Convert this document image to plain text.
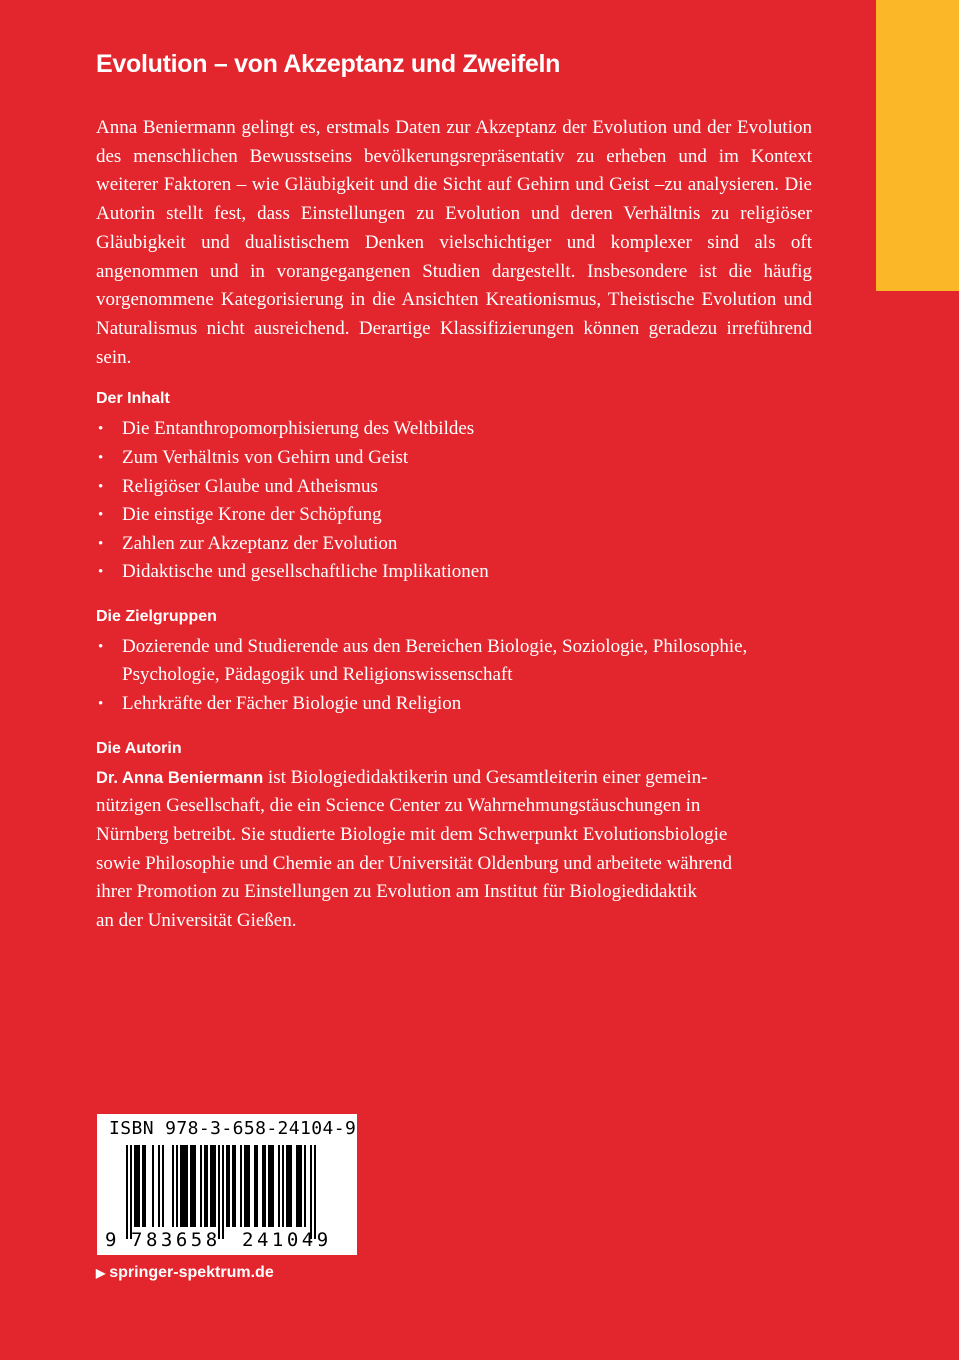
Evolution – von Akzeptanz und Zweifeln

Anna Beniermann gelingt es, erstmals Daten zur Akzeptanz der Evolution und der Evolution des menschlichen Bewusstseins bevölkerungsrepräsentativ zu erheben und im Kontext weiterer Faktoren – wie Gläubigkeit und die Sicht auf Gehirn und Geist –zu analysieren. Die Autorin stellt fest, dass Einstellungen zu Evolution und deren Verhältnis zu religiöser Gläubigkeit und dualistischem Denken vielschichtiger und komplexer sind als oft angenommen und in vorangegangenen Studien dargestellt. Insbesondere ist die häufig vorgenommene Kategorisierung in die Ansichten Kreationismus, Theistische Evolution und Naturalismus nicht ausreichend. Derartige Klassifizierungen können geradezu irreführend sein.

Der Inhalt
• Die Entanthropomorphisierung des Weltbildes
• Zum Verhältnis von Gehirn und Geist
• Religiöser Glaube und Atheismus
• Die einstige Krone der Schöpfung
• Zahlen zur Akzeptanz der Evolution
• Didaktische und gesellschaftliche Implikationen
Die Zielgruppen
• Dozierende und Studierende aus den Bereichen Biologie, Soziologie, Philosophie, Psychologie, Pädagogik und Religionswissenschaft
• Lehrkräfte der Fächer Biologie und Religion
Die Autorin

Dr. Anna Beniermann ist Biologiedidaktikerin und Gesamtleiterin einer gemein-
nützigen Gesellschaft, die ein Science Center zu Wahrnehmungstäuschungen in
Nürnberg betreibt. Sie studierte Biologie mit dem Schwerpunkt Evolutionsbiologie
sowie Philosophie und Chemie an der Universität Oldenburg und arbeitete während
ihrer Promotion zu Einstellungen zu Evolution am Institut für Biologiedidaktik
an der Universität Gießen.

ISBN 978-3-658-24104-9
9 783658 241049
▶ springer-spektrum.de
